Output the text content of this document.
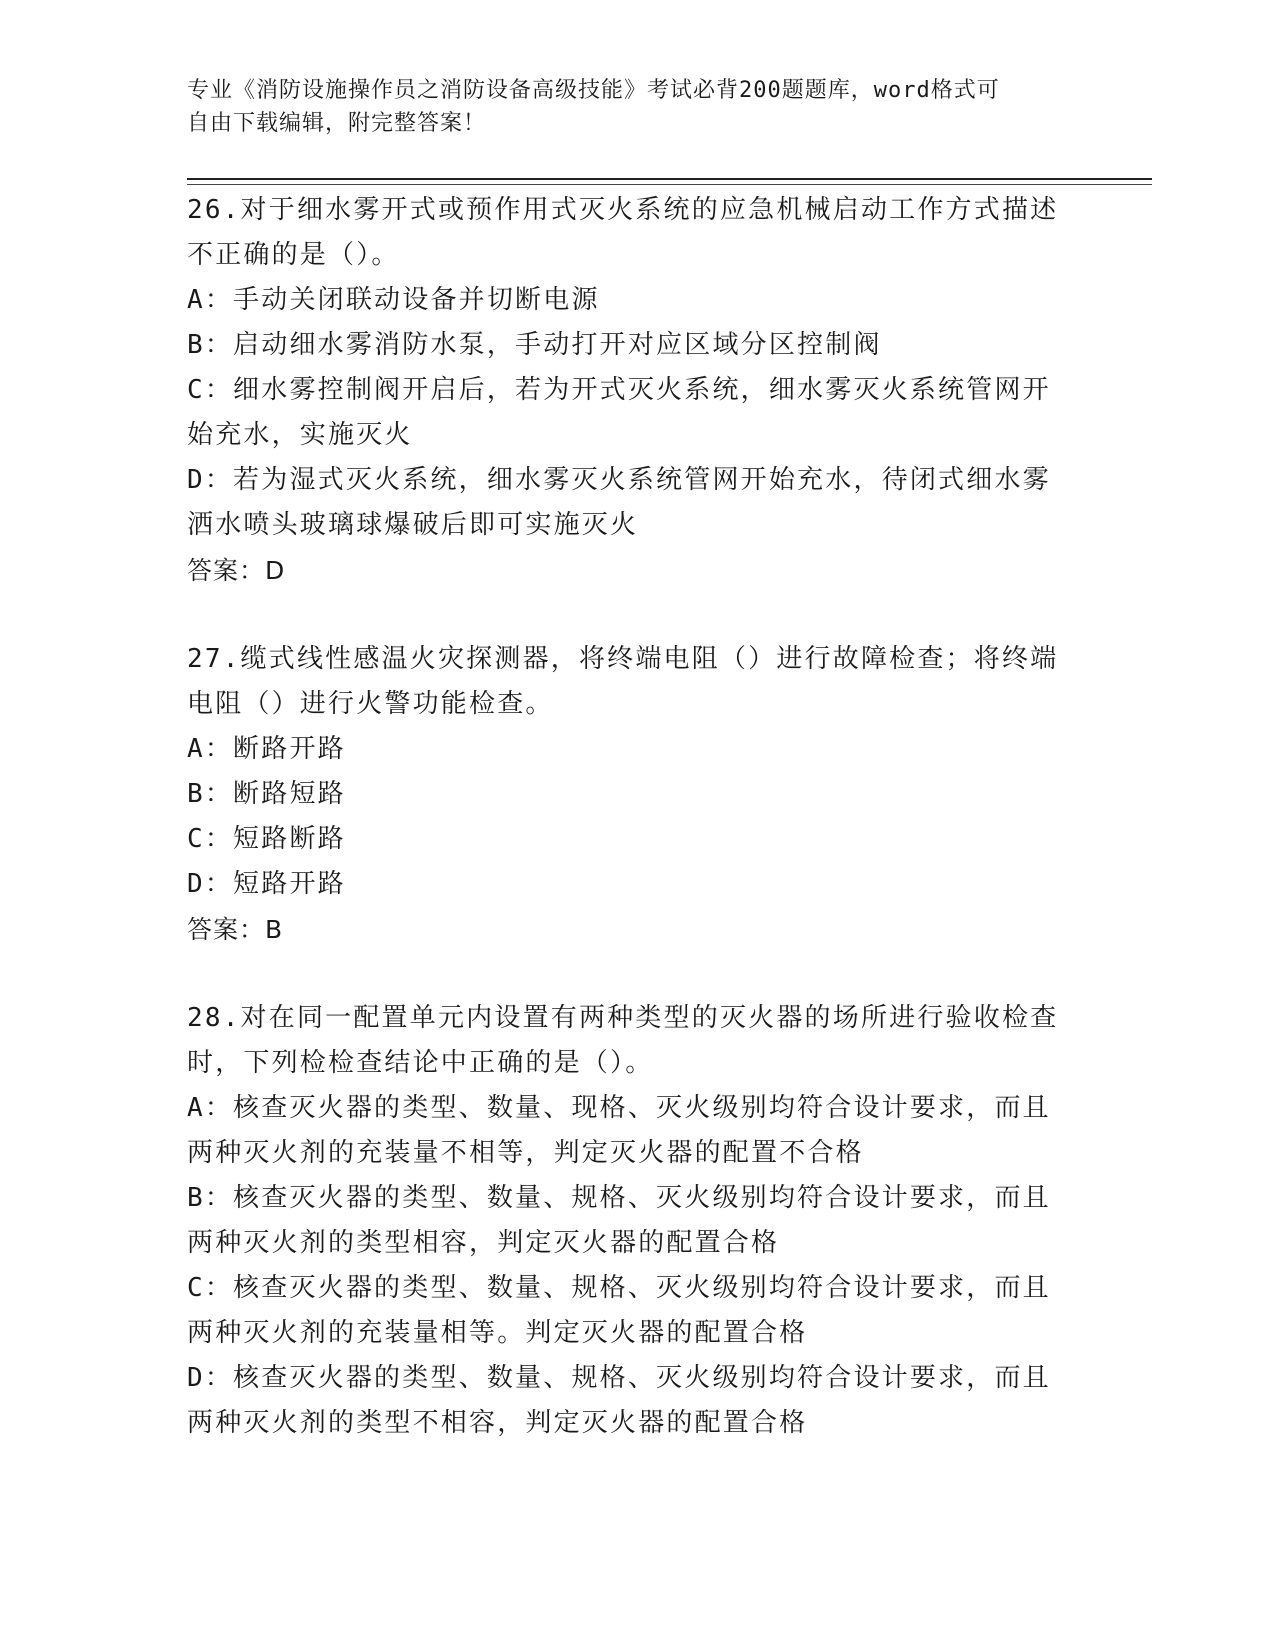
专业《消防设施操作员之消防设备高级技能》考试必背200题题库，word格式可
自由下载编辑，附完整答案！

26.对于细水雾开式或预作用式灭火系统的应急机械启动工作方式描述

不正确的是（）。

A：手动关闭联动设备并切断电源

B：启动细水雾消防水泵，手动打开对应区域分区控制阀

C：细水雾控制阀开启后，若为开式灭火系统，细水雾灭火系统管网开

始充水，实施灭火

D：若为湿式灭火系统，细水雾灭火系统管网开始充水，待闭式细水雾

洒水喷头玻璃球爆破后即可实施灭火

答案：D

27.缆式线性感温火灾探测器，将终端电阻（）进行故障检查；将终端

电阻（）进行火警功能检查。

A：断路开路

B：断路短路

C：短路断路

D：短路开路

答案：B

28.对在同一配置单元内设置有两种类型的灭火器的场所进行验收检查

时，下列检检查结论中正确的是（）。

A：核查灭火器的类型、数量、现格、灭火级别均符合设计要求，而且

两种灭火剂的充装量不相等，判定灭火器的配置不合格

B：核查灭火器的类型、数量、规格、灭火级别均符合设计要求，而且

两种灭火剂的类型相容，判定灭火器的配置合格

C：核查灭火器的类型、数量、规格、灭火级别均符合设计要求，而且

两种灭火剂的充装量相等。判定灭火器的配置合格

D：核查灭火器的类型、数量、规格、灭火级别均符合设计要求，而且

两种灭火剂的类型不相容，判定灭火器的配置合格
